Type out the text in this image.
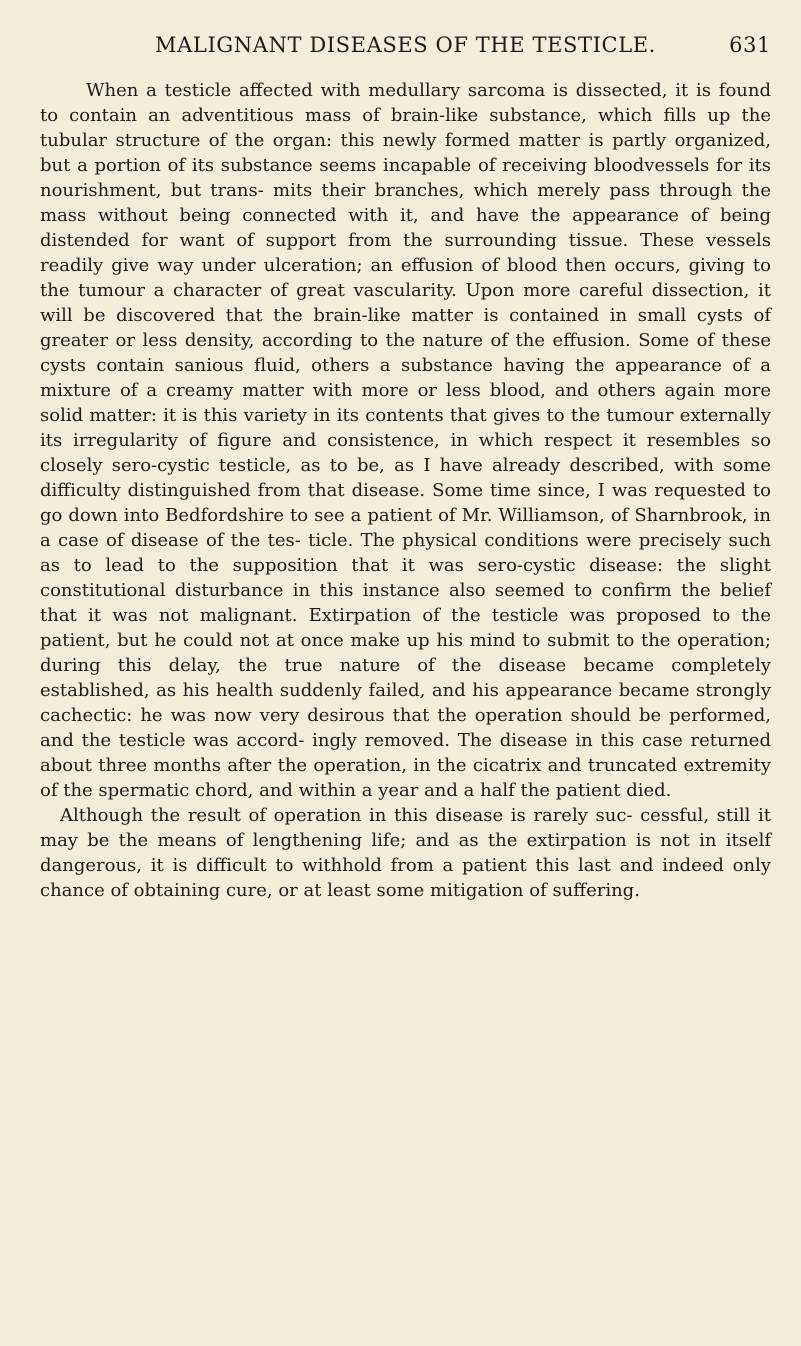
MALIGNANT DISEASES OF THE TESTICLE.	631

When a testicle affected with medullary sarcoma is dissected, it is found to contain an adventitious mass of brain-like substance, which fills up the tubular structure of the organ: this newly formed matter is partly organized, but a portion of its substance seems incapable of receiving bloodvessels for its nourishment, but trans- mits their branches, which merely pass through the mass without being connected with it, and have the appearance of being distended for want of support from the surrounding tissue. These vessels readily give way under ulceration; an effusion of blood then occurs, giving to the tumour a character of great vascularity. Upon more careful dissection, it will be discovered that the brain-like matter is contained in small cysts of greater or less density, according to the nature of the effusion. Some of these cysts contain sanious fluid, others a substance having the appearance of a mixture of a creamy matter with more or less blood, and others again more solid matter: it is this variety in its contents that gives to the tumour externally its irregularity of figure and consistence, in which respect it resembles so closely sero-cystic testicle, as to be, as I have already described, with some difficulty distinguished from that disease. Some time since, I was requested to go down into Bedfordshire to see a patient of Mr. Williamson, of Sharnbrook, in a case of disease of the tes- ticle. The physical conditions were precisely such as to lead to the supposition that it was sero-cystic disease: the slight constitutional disturbance in this instance also seemed to confirm the belief that it was not malignant. Extirpation of the testicle was proposed to the patient, but he could not at once make up his mind to submit to the operation; during this delay, the true nature of the disease became completely established, as his health suddenly failed, and his appearance became strongly cachectic: he was now very desirous that the operation should be performed, and the testicle was accord- ingly removed. The disease in this case returned about three months after the operation, in the cicatrix and truncated extremity of the spermatic chord, and within a year and a half the patient died.

Although the result of operation in this disease is rarely suc- cessful, still it may be the means of lengthening life; and as the extirpation is not in itself dangerous, it is difficult to withhold from a patient this last and indeed only chance of obtaining cure, or at least some mitigation of suffering.
